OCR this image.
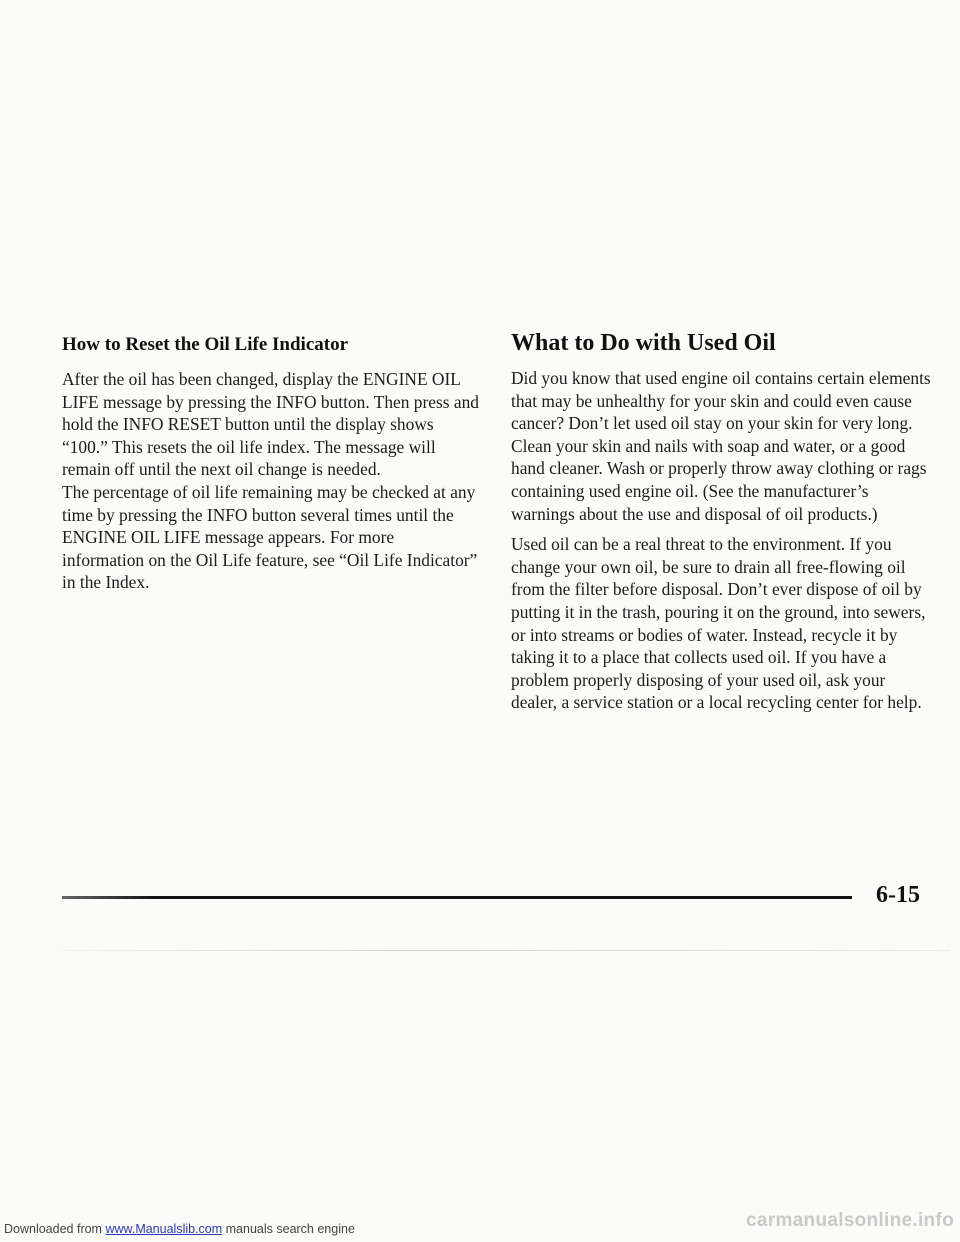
How to Reset the Oil Life Indicator

After the oil has been changed, display the ENGINE OIL LIFE message by pressing the INFO button. Then press and hold the INFO RESET button until the display shows “100.” This resets the oil life index. The message will remain off until the next oil change is needed.

The percentage of oil life remaining may be checked at any time by pressing the INFO button several times until the ENGINE OIL LIFE message appears. For more information on the Oil Life feature, see “Oil Life Indicator” in the Index.

What to Do with Used Oil

Did you know that used engine oil contains certain elements that may be unhealthy for your skin and could even cause cancer? Don’t let used oil stay on your skin for very long. Clean your skin and nails with soap and water, or a good hand cleaner. Wash or properly throw away clothing or rags containing used engine oil. (See the manufacturer’s warnings about the use and disposal of oil products.)

Used oil can be a real threat to the environment. If you change your own oil, be sure to drain all free-flowing oil from the filter before disposal. Don’t ever dispose of oil by putting it in the trash, pouring it on the ground, into sewers, or into streams or bodies of water. Instead, recycle it by taking it to a place that collects used oil. If you have a problem properly disposing of your used oil, ask your dealer, a service station or a local recycling center for help.

6-15
Downloaded from www.Manualslib.com manuals search engine	carmanualsonline.info
